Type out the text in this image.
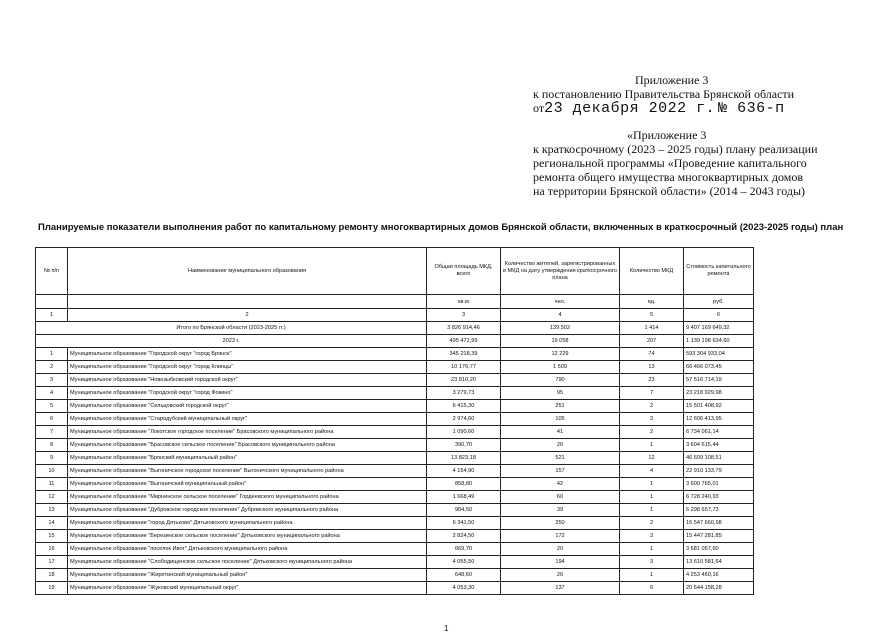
Приложение 3
к постановлению Правительства Брянской области
от23 декабря 2022 г. № 636-п
«Приложение 3
к краткосрочному (2023 – 2025 годы) плану реализации
региональной программы «Проведение капитального
ремонта общего имущества многоквартирных домов
на территории Брянской области» (2014 – 2043 годы)
Планируемые показатели выполнения работ по капитальному ремонту многоквартирных домов Брянской области, включенных в краткосрочный (2023-2025 годы) план
№ п/п	Наименование муниципального образования	Общая площадь МКД, всего	Количество жителей, зарегистрированных в МКД на дату утверждения краткосрочного плана	Количество МКД	Стоимость капитального ремонта
		кв.м	чел.	ед.	руб.
1	2	3	4	5	6
Итого по Брянской области (2023-2025 гг.)		3 826 914,46	139 502	1 414	9 407 169 649,32
2023 г.		495 472,99	19 058	207	1 139 198 634,60
1	Муниципальное образование "Городской округ "город Брянск"	345 218,39	12 229	74	593 304 933,04
2	Муниципальное образование "Городской округ "город Клинцы"	10 176,77	1 509	13	66 466 073,45
3	Муниципальное образование "Новозыбковский городской округ"	23 810,20	790	23	57 516 714,19
4	Муниципальное образование "Городской округ "город Фокино"	3 279,73	95	7	23 218 929,98
5	Муниципальное образование "Сельцовский городской округ"	6 415,30	251	2	15 501 408,92
6	Муниципальное образование "Стародубский муниципальный округ"	2 974,60	105	3	12 606 413,95
7	Муниципальное образование "Локотское городское поселение" Брасовского муниципального района	1 090,60	41	2	6 734 061,14
8	Муниципальное образование "Брасовское сельское поселение" Брасовского муниципального района	390,70	26	1	3 604 615,44
9	Муниципальное образование "Брянский муниципальный район"	13 823,18	521	12	46 609 108,51
10	Муниципальное образование "Выгоничское городское поселение" Выгоничского муниципального района	4 154,90	157	4	22 910 133,79
11	Муниципальное образование "Выгоничский муниципальный район"	858,80	42	1	3 600 765,01
12	Муниципальное образование "Мирнинское сельское поселение" Гордеевского муниципального района	1 668,49	60	1	6 728 240,93
13	Муниципальное образование "Дубровское городское поселение" Дубровского муниципального района	984,50	39	1	6 298 657,73
14	Муниципальное образование "город Дятьково" Дятьковского муниципального района	6 341,50	250	2	16 547 660,98
15	Муниципальное образование "Березинское сельское поселение" Дятьковского муниципального района	2 824,50	172	3	15 447 281,85
16	Муниципальное образование "поселок Ивот" Дятьковского муниципального района	669,70	20	1	3 681 057,60
17	Муниципальное образование "Слободищенское сельское поселение" Дятьковского муниципального района	4 055,50	194	3	13 610 581,64
18	Муниципальное образование "Жирятинский муниципальный район"	648,60	26	1	4 253 460,16
19	Муниципальное образование "Жуковский муниципальный округ"	4 053,30	137	6	20 644 158,28
1
